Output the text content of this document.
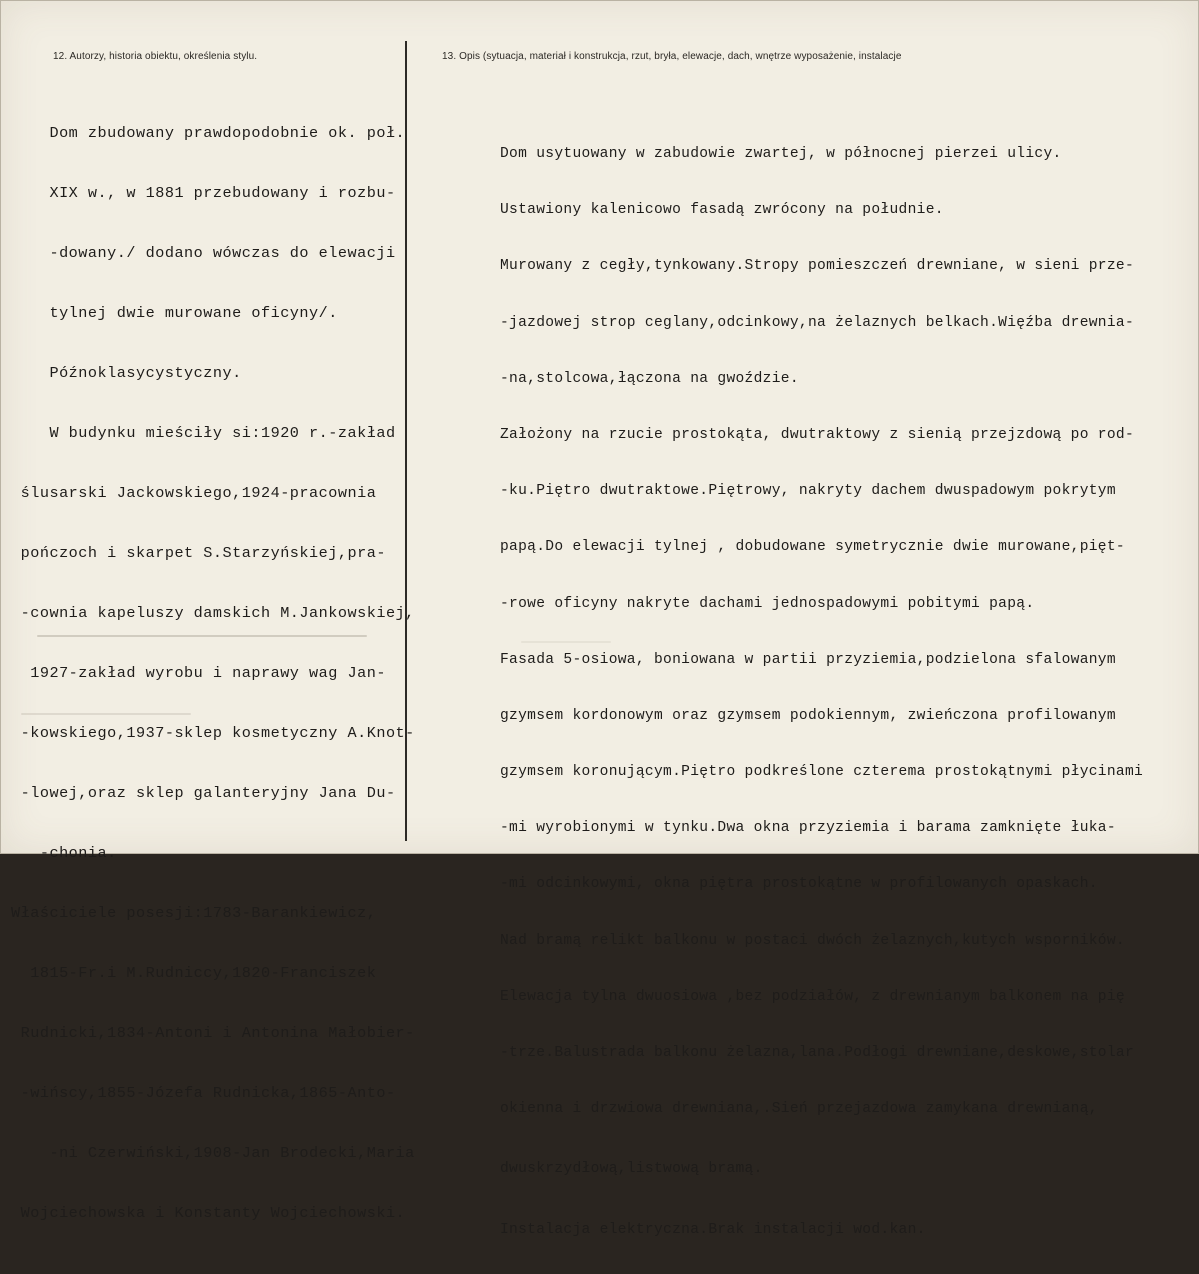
12. Autorzy, historia obiektu, określenia stylu.	13. Opis (sytuacja, materiał i konstrukcja, rzut, bryła, elewacje, dach, wnętrze wyposażenie, instalacje

Dom zbudowany prawdopodobnie ok. poł.

XIX w., w 1881 przebudowany i rozbu-

-dowany./ dodano wówczas do elewacji

tylnej dwie murowane oficyny/.

Późnoklasycystyczny.

W budynku mieściły si:1920 r.-zakład

ślusarski Jackowskiego,1924-pracownia

pończoch i skarpet S.Starzyńskiej,pra-

-cownia kapeluszy damskich M.Jankowskiej,

1927-zakład wyrobu i naprawy wag Jan-

-kowskiego,1937-sklep kosmetyczny A.Knot-

-lowej,oraz sklep galanteryjny Jana Du-

-chonia.

Właściciele posesji:1783-Barankiewicz,

1815-Fr.i M.Rudniccy,1820-Franciszek

Rudnicki,1834-Antoni i Antonina Małobier-

-wińscy,1855-Józefa Rudnicka,1865-Anto-

-ni Czerwiński,1908-Jan Brodecki,Maria

Wojciechowska i Konstanty Wojciechowski.

Dom usytuowany w zabudowie zwartej, w północnej pierzei ulicy.

Ustawiony kalenicowo fasadą zwrócony na południe.

Murowany z cegły,tynkowany.Stropy pomieszczeń drewniane, w sieni prze-

-jazdowej strop ceglany,odcinkowy,na żelaznych belkach.Więźba drewnia-

-na,stolcowa,łączona na gwoździe.

Założony na rzucie prostokąta, dwutraktowy z sienią przejzdową po rod-

-ku.Piętro dwutraktowe.Piętrowy, nakryty dachem dwuspadowym pokrytym

papą.Do elewacji tylnej , dobudowane symetrycznie dwie murowane,pięt-

-rowe oficyny nakryte dachami jednospadowymi pobitymi papą.

Fasada 5-osiowa, boniowana w partii przyziemia,podzielona sfalowanym

gzymsem kordonowym oraz gzymsem podokiennym, zwieńczona profilowanym

gzymsem koronującym.Piętro podkreślone czterema prostokątnymi płycinami

-mi wyrobionymi w tynku.Dwa okna przyziemia i barama zamknięte łuka-

-mi odcinkowymi, okna piętra prostokątne w profilowanych opaskach.

Nad bramą relikt balkonu w postaci dwóch żelaznych,kutych wsporników.

Elewacja tylna dwuosiowa ,bez podziałów, z drewnianym balkonem na pię

-trze.Balustrada balkonu żelazna,lana.Podłogi drewniane,deskowe,stolar

okienna i drzwiowa drewniana,.Sień przejazdowa zamykana drewnianą,

dwuskrzydłową,listwową bramą.

Instalacja elektryczna.Brak instalacji wod.kan.
